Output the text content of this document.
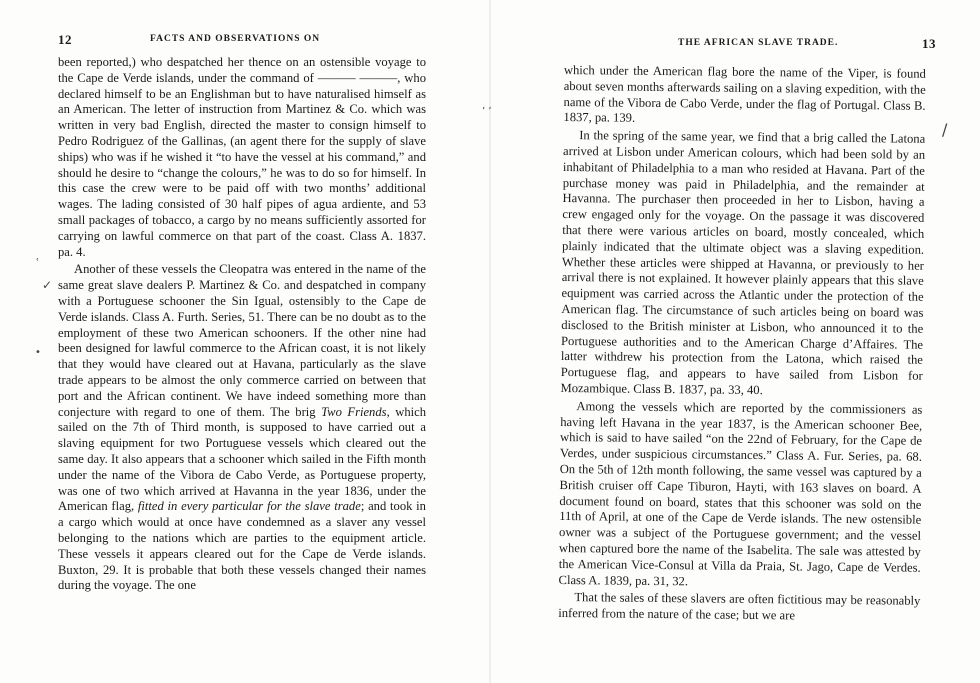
12	FACTS AND OBSERVATIONS ON

been reported,) who despatched her thence on an ostensible voyage to the Cape de Verde islands, under the command of ——— ———, who declared himself to be an Englishman but to have naturalised himself as an American. The letter of instruction from Martinez & Co. which was written in very bad English, directed the master to consign himself to Pedro Rodriguez of the Gallinas, (an agent there for the supply of slave ships) who was if he wished it “to have the vessel at his command,” and should he desire to “change the colours,” he was to do so for himself. In this case the crew were to be paid off with two months’ additional wages. The lading consisted of 30 half pipes of agua ardiente, and 53 small packages of tobacco, a cargo by no means sufficiently assorted for carrying on lawful commerce on that part of the coast. Class A. 1837. pa. 4.

Another of these vessels the Cleopatra was entered in the name of the same great slave dealers P. Martinez & Co. and despatched in company with a Portuguese schooner the Sin Igual, ostensibly to the Cape de Verde islands. Class A. Furth. Series, 51. There can be no doubt as to the employment of these two American schooners. If the other nine had been designed for lawful commerce to the African coast, it is not likely that they would have cleared out at Havana, particularly as the slave trade appears to be almost the only commerce carried on between that port and the African continent. We have indeed something more than conjecture with regard to one of them. The brig Two Friends, which sailed on the 7th of Third month, is supposed to have carried out a slaving equipment for two Portuguese vessels which cleared out the same day. It also appears that a schooner which sailed in the Fifth month under the name of the Vibora de Cabo Verde, as Portuguese property, was one of two which arrived at Havanna in the year 1836, under the American flag, fitted in every particular for the slave trade; and took in a cargo which would at once have condemned as a slaver any vessel belonging to the nations which are parties to the equipment article. These vessels it appears cleared out for the Cape de Verde islands. Buxton, 29. It is probable that both these vessels changed their names during the voyage. The one

✓
•
ʿ
THE AFRICAN SLAVE TRADE.	13

which under the American flag bore the name of the Viper, is found about seven months afterwards sailing on a slaving expedition, with the name of the Vibora de Cabo Verde, under the flag of Portugal. Class B. 1837, pa. 139.

In the spring of the same year, we find that a brig called the Latona arrived at Lisbon under American colours, which had been sold by an inhabitant of Philadelphia to a man who resided at Havana. Part of the purchase money was paid in Philadelphia, and the remainder at Havanna. The purchaser then proceeded in her to Lisbon, having a crew engaged only for the voyage. On the passage it was discovered that there were various articles on board, mostly concealed, which plainly indicated that the ultimate object was a slaving expedition. Whether these articles were shipped at Havanna, or previously to her arrival there is not explained. It however plainly appears that this slave equipment was carried across the Atlantic under the protection of the American flag. The circumstance of such articles being on board was disclosed to the British minister at Lisbon, who announced it to the Portuguese authorities and to the American Charge d’Affaires. The latter withdrew his protection from the Latona, which raised the Portuguese flag, and appears to have sailed from Lisbon for Mozambique. Class B. 1837, pa. 33, 40.

Among the vessels which are reported by the commissioners as having left Havana in the year 1837, is the American schooner Bee, which is said to have sailed “on the 22nd of February, for the Cape de Verdes, under suspicious circumstances.” Class A. Fur. Series, pa. 68. On the 5th of 12th month following, the same vessel was captured by a British cruiser off Cape Tiburon, Hayti, with 163 slaves on board. A document found on board, states that this schooner was sold on the 11th of April, at one of the Cape de Verde islands. The new ostensible owner was a subject of the Portuguese government; and the vessel when captured bore the name of the Isabelita. The sale was attested by the American Vice-Consul at Villa da Praia, St. Jago, Cape de Verdes. Class A. 1839, pa. 31, 32.

That the sales of these slavers are often fictitious may be reasonably inferred from the nature of the case; but we are

’ ’
/
